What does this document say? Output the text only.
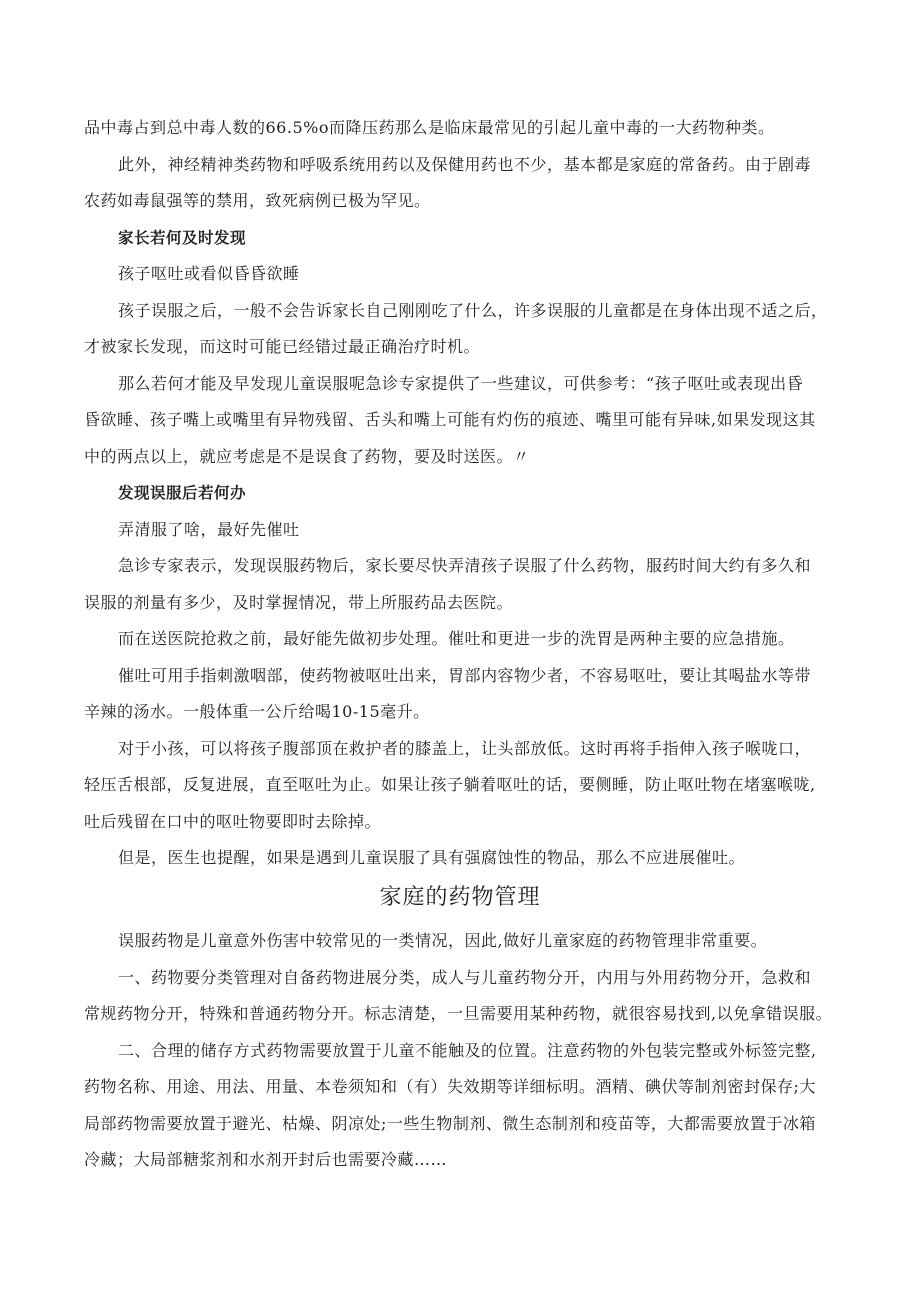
品中毒占到总中毒人数的66.5%o而降压药那么是临床最常见的引起儿童中毒的一大药物种类。

此外，神经精神类药物和呼吸系统用药以及保健用药也不少，基本都是家庭的常备药。由于剧毒

农药如毒鼠强等的禁用，致死病例已极为罕见。

家长若何及时发现

孩子呕吐或看似昏昏欲睡

孩子误服之后，一般不会告诉家长自己刚刚吃了什么，许多误服的儿童都是在身体出现不适之后，

才被家长发现，而这时可能已经错过最正确治疗时机。

那么若何才能及早发现儿童误服呢急诊专家提供了一些建议，可供参考：“孩子呕吐或表现出昏

昏欲睡、孩子嘴上或嘴里有异物残留、舌头和嘴上可能有灼伤的痕迹、嘴里可能有异味,如果发现这其

中的两点以上，就应考虑是不是误食了药物，要及时送医。〃

发现误服后若何办

弄清服了啥，最好先催吐

急诊专家表示，发现误服药物后，家长要尽快弄清孩子误服了什么药物，服药时间大约有多久和

误服的剂量有多少，及时掌握情况，带上所服药品去医院。

而在送医院抢救之前，最好能先做初步处理。催吐和更进一步的洗胃是两种主要的应急措施。

催吐可用手指刺激咽部，使药物被呕吐出来，胃部内容物少者，不容易呕吐，要让其喝盐水等带

辛辣的汤水。一般体重一公斤给喝10-15毫升。

对于小孩，可以将孩子腹部顶在救护者的膝盖上，让头部放低。这时再将手指伸入孩子喉咙口，

轻压舌根部，反复进展，直至呕吐为止。如果让孩子躺着呕吐的话，要侧睡，防止呕吐物在堵塞喉咙,

吐后残留在口中的呕吐物要即时去除掉。

但是，医生也提醒，如果是遇到儿童误服了具有强腐蚀性的物品，那么不应进展催吐。

家庭的药物管理

误服药物是儿童意外伤害中较常见的一类情况，因此,做好儿童家庭的药物管理非常重要。

一、药物要分类管理对自备药物进展分类，成人与儿童药物分开，内用与外用药物分开，急救和

常规药物分开，特殊和普通药物分开。标志清楚，一旦需要用某种药物，就很容易找到,以免拿错误服。

二、合理的储存方式药物需要放置于儿童不能触及的位置。注意药物的外包装完整或外标签完整,

药物名称、用途、用法、用量、本卷须知和（有）失效期等详细标明。酒精、碘伏等制剂密封保存;大

局部药物需要放置于避光、枯燥、阴凉处;一些生物制剂、微生态制剂和疫苗等，大都需要放置于冰箱

冷藏；大局部糖浆剂和水剂开封后也需要冷藏……
